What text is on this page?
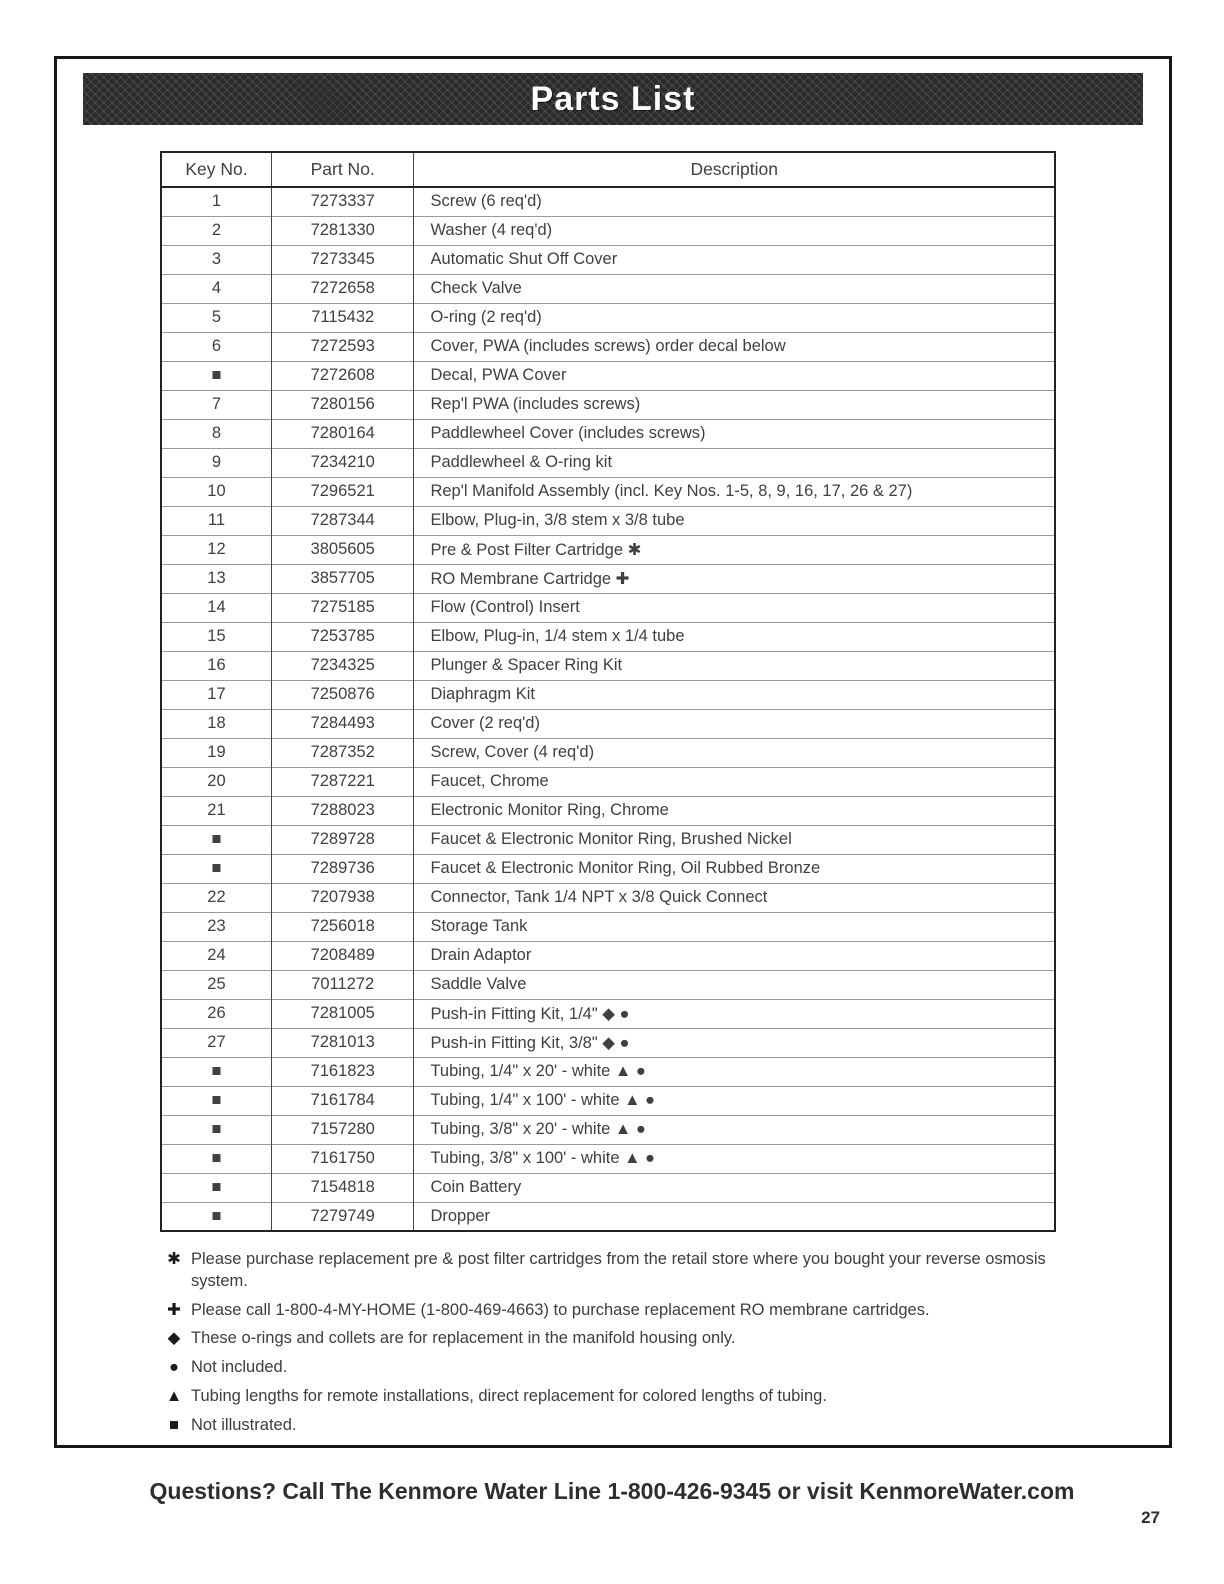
Parts List
Key No.	Part No.	Description
1	7273337	Screw (6 req'd)
2	7281330	Washer (4 req'd)
3	7273345	Automatic Shut Off Cover
4	7272658	Check Valve
5	7115432	O-ring (2 req'd)
6	7272593	Cover, PWA (includes screws) order decal below
■	7272608	Decal, PWA Cover
7	7280156	Rep'l PWA (includes screws)
8	7280164	Paddlewheel Cover (includes screws)
9	7234210	Paddlewheel & O-ring kit
10	7296521	Rep'l Manifold Assembly (incl. Key Nos. 1-5, 8, 9, 16, 17, 26 & 27)
11	7287344	Elbow, Plug-in, 3/8 stem x 3/8 tube
12	3805605	Pre & Post Filter Cartridge ✱
13	3857705	RO Membrane Cartridge ✚
14	7275185	Flow (Control) Insert
15	7253785	Elbow, Plug-in, 1/4 stem x 1/4 tube
16	7234325	Plunger & Spacer Ring Kit
17	7250876	Diaphragm Kit
18	7284493	Cover (2 req'd)
19	7287352	Screw, Cover (4 req'd)
20	7287221	Faucet, Chrome
21	7288023	Electronic Monitor Ring, Chrome
■	7289728	Faucet & Electronic Monitor Ring, Brushed Nickel
■	7289736	Faucet & Electronic Monitor Ring, Oil Rubbed Bronze
22	7207938	Connector, Tank 1/4 NPT x 3/8 Quick Connect
23	7256018	Storage Tank
24	7208489	Drain Adaptor
25	7011272	Saddle Valve
26	7281005	Push-in Fitting Kit, 1/4" ◆ ●
27	7281013	Push-in Fitting Kit, 3/8" ◆ ●
■	7161823	Tubing, 1/4" x 20' - white ▲ ●
■	7161784	Tubing, 1/4" x 100' - white ▲ ●
■	7157280	Tubing, 3/8" x 20' - white ▲ ●
■	7161750	Tubing, 3/8" x 100' - white ▲ ●
■	7154818	Coin Battery
■	7279749	Dropper
✱ Please purchase replacement pre & post filter cartridges from the retail store where you bought your reverse osmosis system.
✚ Please call 1-800-4-MY-HOME (1-800-469-4663) to purchase replacement RO membrane cartridges.
◆ These o-rings and collets are for replacement in the manifold housing only.
● Not included.
▲ Tubing lengths for remote installations, direct replacement for colored lengths of tubing.
■ Not illustrated.
Questions? Call The Kenmore Water Line 1-800-426-9345 or visit KenmoreWater.com
27
